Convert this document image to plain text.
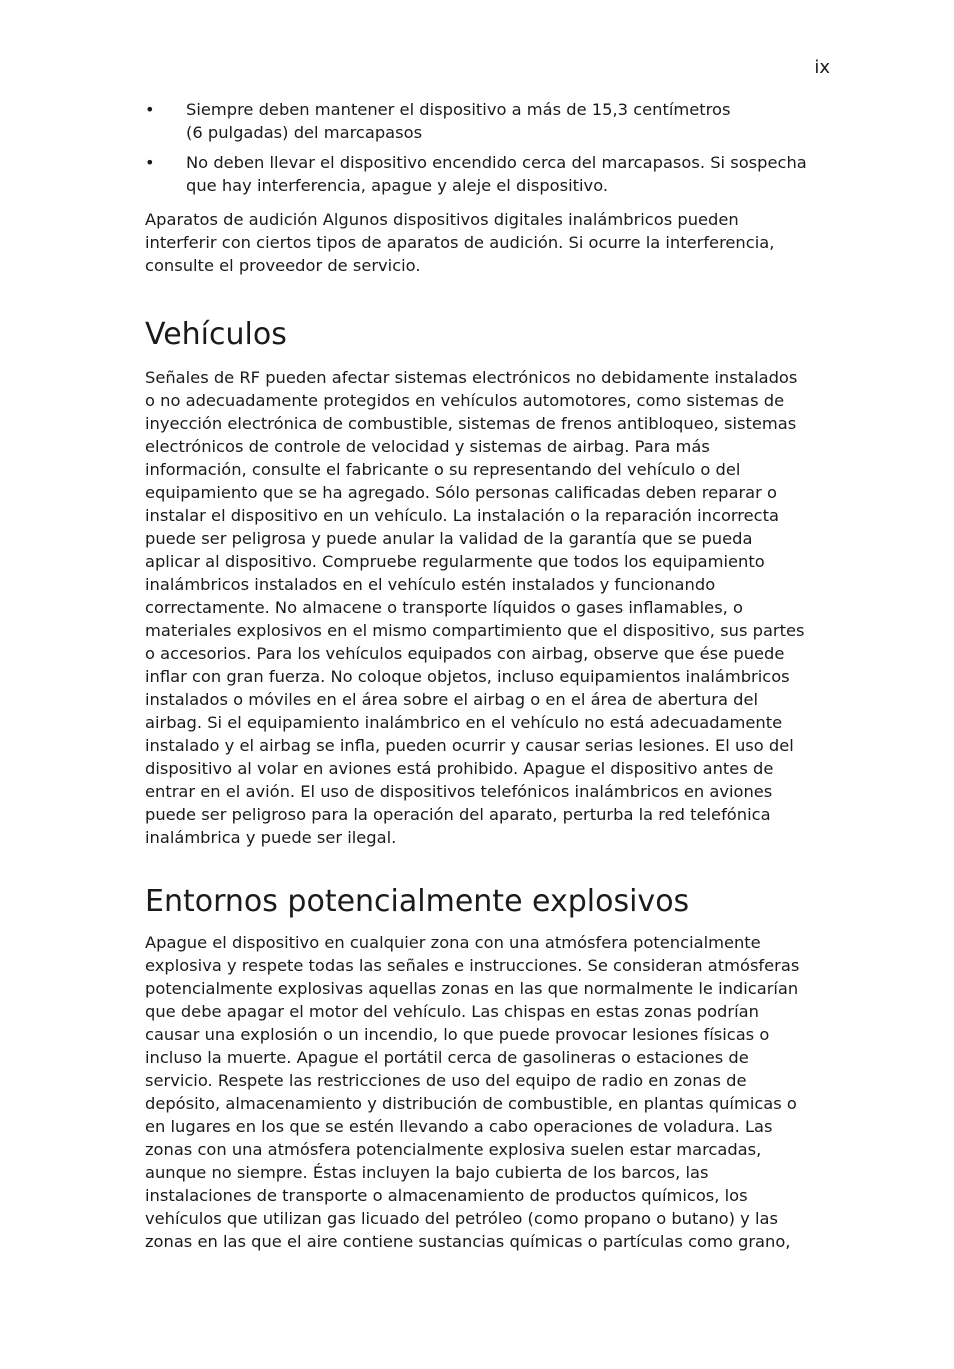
ix
• Siempre deben mantener el dispositivo a más de 15,3 centímetros
(6 pulgadas) del marcapasos
• No deben llevar el dispositivo encendido cerca del marcapasos. Si sospecha
que hay interferencia, apague y aleje el dispositivo.

Aparatos de audición Algunos dispositivos digitales inalámbricos pueden
interferir con ciertos tipos de aparatos de audición. Si ocurre la interferencia,
consulte el proveedor de servicio.

Vehículos

Señales de RF pueden afectar sistemas electrónicos no debidamente instalados
o no adecuadamente protegidos en vehículos automotores, como sistemas de
inyección electrónica de combustible, sistemas de frenos antibloqueo, sistemas
electrónicos de controle de velocidad y sistemas de airbag. Para más
información, consulte el fabricante o su representando del vehículo o del
equipamiento que se ha agregado. Sólo personas calificadas deben reparar o
instalar el dispositivo en un vehículo. La instalación o la reparación incorrecta
puede ser peligrosa y puede anular la validad de la garantía que se pueda
aplicar al dispositivo. Compruebe regularmente que todos los equipamiento
inalámbricos instalados en el vehículo estén instalados y funcionando
correctamente. No almacene o transporte líquidos o gases inflamables, o
materiales explosivos en el mismo compartimiento que el dispositivo, sus partes
o accesorios. Para los vehículos equipados con airbag, observe que ése puede
inflar con gran fuerza. No coloque objetos, incluso equipamientos inalámbricos
instalados o móviles en el área sobre el airbag o en el área de abertura del
airbag. Si el equipamiento inalámbrico en el vehículo no está adecuadamente
instalado y el airbag se infla, pueden ocurrir y causar serias lesiones. El uso del
dispositivo al volar en aviones está prohibido. Apague el dispositivo antes de
entrar en el avión. El uso de dispositivos telefónicos inalámbricos en aviones
puede ser peligroso para la operación del aparato, perturba la red telefónica
inalámbrica y puede ser ilegal.

Entornos potencialmente explosivos

Apague el dispositivo en cualquier zona con una atmósfera potencialmente
explosiva y respete todas las señales e instrucciones. Se consideran atmósferas
potencialmente explosivas aquellas zonas en las que normalmente le indicarían
que debe apagar el motor del vehículo. Las chispas en estas zonas podrían
causar una explosión o un incendio, lo que puede provocar lesiones físicas o
incluso la muerte. Apague el portátil cerca de gasolineras o estaciones de
servicio. Respete las restricciones de uso del equipo de radio en zonas de
depósito, almacenamiento y distribución de combustible, en plantas químicas o
en lugares en los que se estén llevando a cabo operaciones de voladura. Las
zonas con una atmósfera potencialmente explosiva suelen estar marcadas,
aunque no siempre. Éstas incluyen la bajo cubierta de los barcos, las
instalaciones de transporte o almacenamiento de productos químicos, los
vehículos que utilizan gas licuado del petróleo (como propano o butano) y las
zonas en las que el aire contiene sustancias químicas o partículas como grano,
